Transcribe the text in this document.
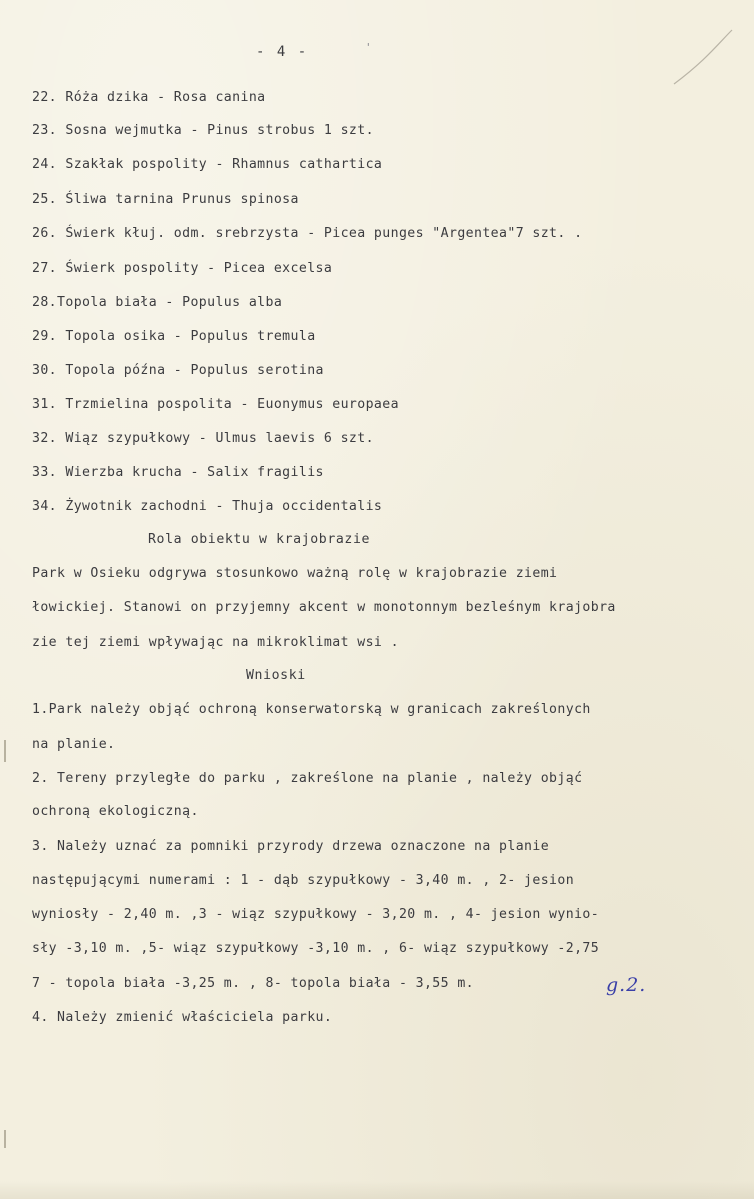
- 4 -	'
22. Róża dzika - Rosa canina
23. Sosna wejmutka - Pinus strobus 1 szt.
24. Szakłak pospolity - Rhamnus cathartica
25. Śliwa tarnina Prunus spinosa
26. Świerk kłuj. odm. srebrzysta - Picea punges "Argentea"7 szt. .
27. Świerk pospolity - Picea excelsa
28.Topola biała - Populus alba
29. Topola osika - Populus tremula
30. Topola późna - Populus serotina
31. Trzmielina pospolita - Euonymus europaea
32. Wiąz szypułkowy - Ulmus laevis 6 szt.
33. Wierzba krucha - Salix fragilis
34. Żywotnik zachodni - Thuja occidentalis
Rola obiektu w krajobrazie
Park w Osieku odgrywa stosunkowo ważną rolę w krajobrazie ziemi
łowickiej. Stanowi on przyjemny akcent w monotonnym bezleśnym krajobra
zie tej ziemi wpływając na mikroklimat wsi .
Wnioski
1.Park należy objąć ochroną konserwatorską w granicach zakreślonych
na planie.
2. Tereny przyległe do parku , zakreślone na planie , należy objąć
ochroną ekologiczną.
3. Należy uznać za pomniki przyrody drzewa oznaczone na planie
następującymi numerami : 1 - dąb szypułkowy - 3,40 m. , 2- jesion
wyniosły - 2,40 m. ,3 - wiąz szypułkowy - 3,20 m. , 4- jesion wynio-
sły -3,10 m. ,5- wiąz szypułkowy -3,10 m. , 6- wiąz szypułkowy -2,75
7 - topola biała -3,25 m. , 8- topola biała - 3,55 m.
4. Należy zmienić właściciela parku.
g.2.
